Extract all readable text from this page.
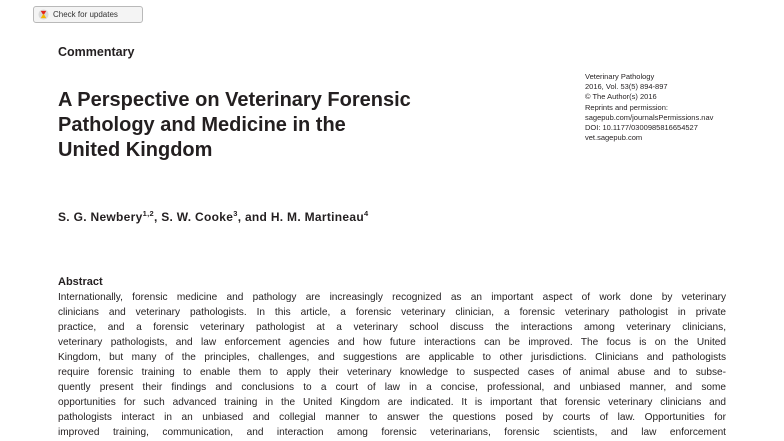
Check for updates
Commentary
A Perspective on Veterinary Forensic
Pathology and Medicine in the
United Kingdom
Veterinary Pathology
2016, Vol. 53(5) 894-897
© The Author(s) 2016
Reprints and permission:
sagepub.com/journalsPermissions.nav
DOI: 10.1177/0300985816654527
vet.sagepub.com
S. G. Newbery$^{1,2}$, S. W. Cooke$^3$, and H. M. Martineau$^4$
Abstract
Internationally, forensic medicine and pathology are increasingly recognized as an important aspect of work done by veterinary
clinicians and veterinary pathologists. In this article, a forensic veterinary clinician, a forensic veterinary pathologist in private
practice, and a forensic veterinary pathologist at a veterinary school discuss the interactions among veterinary clinicians,
veterinary pathologists, and law enforcement agencies and how future interactions can be improved. The focus is on the United
Kingdom, but many of the principles, challenges, and suggestions are applicable to other jurisdictions. Clinicians and pathologists
require forensic training to enable them to apply their veterinary knowledge to suspected cases of animal abuse and to subse-
quently present their findings and conclusions to a court of law in a concise, professional, and unbiased manner, and some
opportunities for such advanced training in the United Kingdom are indicated. It is important that forensic veterinary clinicians and
pathologists interact in an unbiased and collegial manner to answer the questions posed by courts of law. Opportunities for
improved training, communication, and interaction among forensic veterinarians, forensic scientists, and law enforcement
